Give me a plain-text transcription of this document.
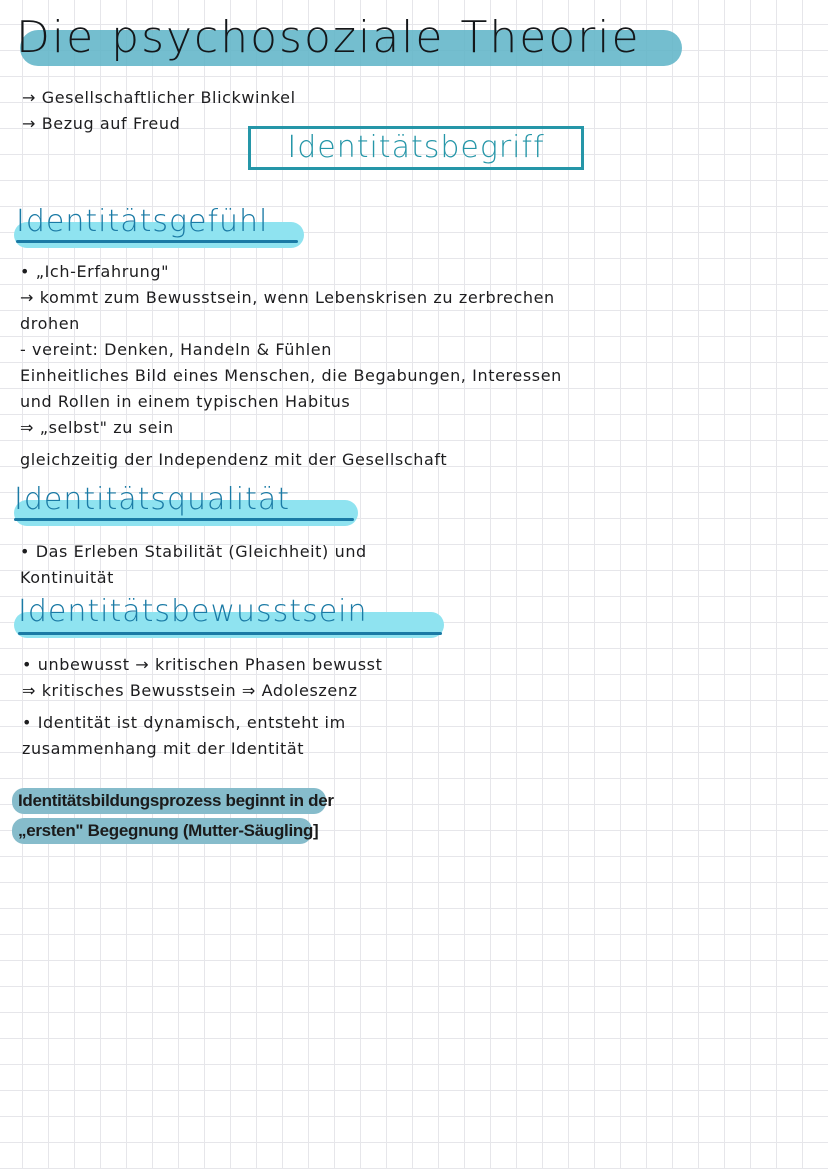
Die psychosoziale Theorie
→ Gesellschaftlicher Blickwinkel
→ Bezug auf Freud
Identitätsbegriff
Identitätsgefühl
• „Ich-Erfahrung"
→ kommt zum Bewusstsein, wenn Lebenskrisen zu zerbrechen
drohen
- vereint: Denken, Handeln & Fühlen
Einheitliches Bild eines Menschen, die Begabungen, Interessen
und Rollen in einem typischen Habitus
⇒ „selbst" zu sein
gleichzeitig der Independenz mit der Gesellschaft
Identitätsqualität
• Das Erleben Stabilität (Gleichheit) und
Kontinuität
Identitätsbewusstsein
• unbewusst → kritischen Phasen bewusst
⇒ kritisches Bewusstsein ⇒ Adoleszenz
• Identität ist dynamisch, entsteht im
zusammenhang mit der Identität
Identitätsbildungsprozess beginnt in der
„ersten" Begegnung (Mutter-Säugling]
